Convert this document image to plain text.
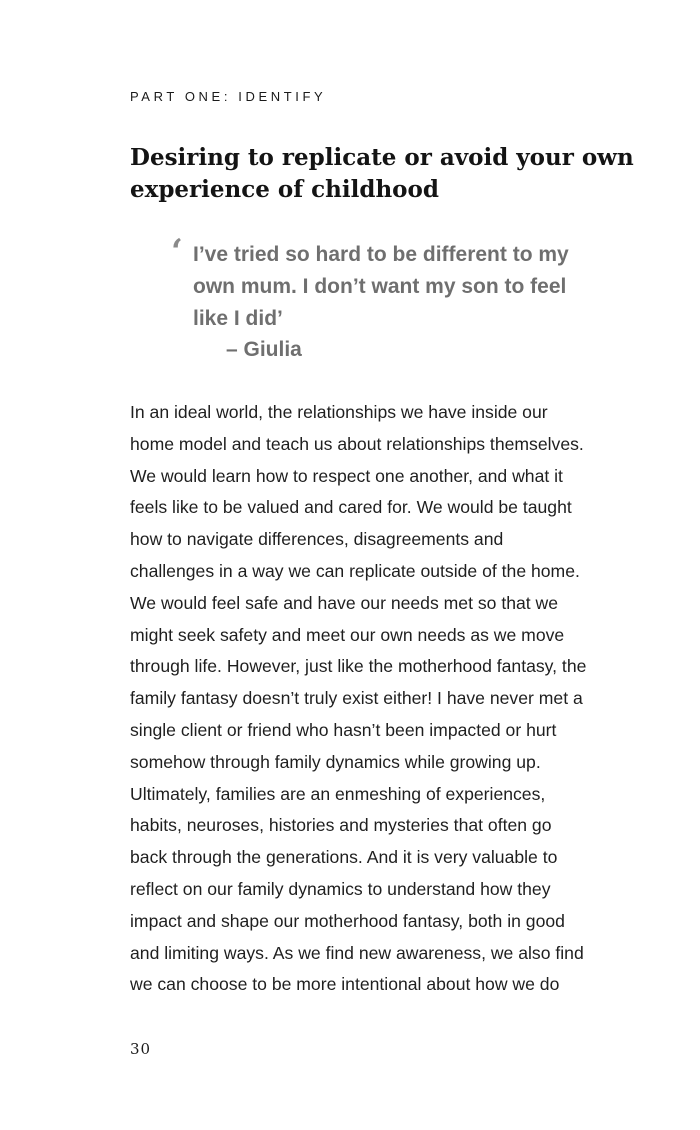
PART ONE: IDENTIFY
Desiring to replicate or avoid your own
experience of childhood
‘ I’ve tried so hard to be different to my
own mum. I don’t want my son to feel
like I did’
– Giulia
In an ideal world, the relationships we have inside our
home model and teach us about relationships themselves.
We would learn how to respect one another, and what it
feels like to be valued and cared for. We would be taught
how to navigate differences, disagreements and
challenges in a way we can replicate outside of the home.
We would feel safe and have our needs met so that we
might seek safety and meet our own needs as we move
through life. However, just like the motherhood fantasy, the
family fantasy doesn’t truly exist either! I have never met a
single client or friend who hasn’t been impacted or hurt
somehow through family dynamics while growing up.
Ultimately, families are an enmeshing of experiences,
habits, neuroses, histories and mysteries that often go
back through the generations. And it is very valuable to
reflect on our family dynamics to understand how they
impact and shape our motherhood fantasy, both in good
and limiting ways. As we find new awareness, we also find
we can choose to be more intentional about how we do
30
